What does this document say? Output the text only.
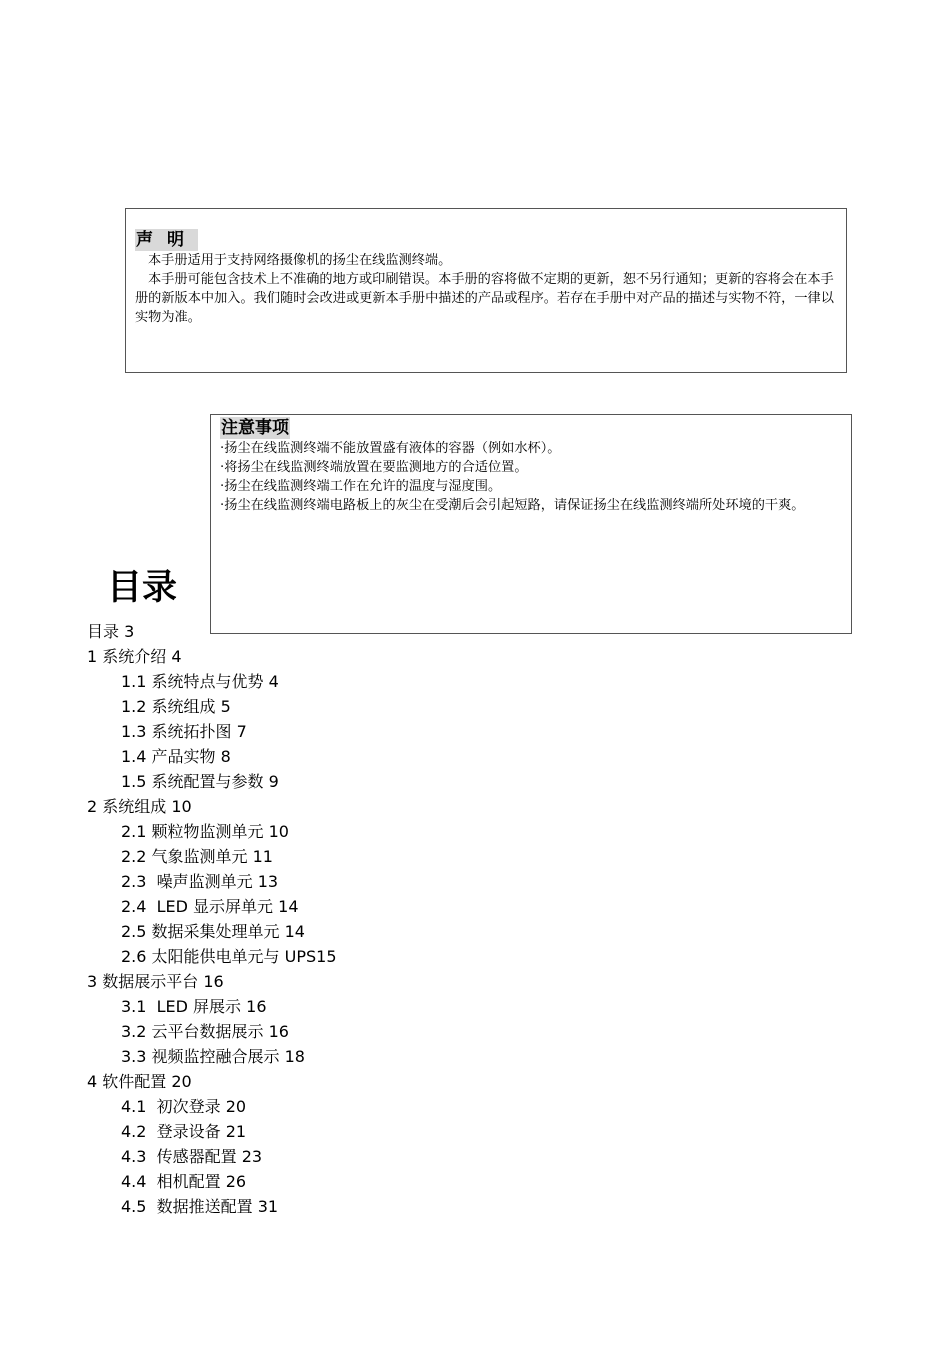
声明

本手册适用于支持网络摄像机的扬尘在线监测终端。

本手册可能包含技术上不准确的地方或印刷错误。本手册的容将做不定期的更新，恕不另行通知；更新的容将会在本手册的新版本中加入。我们随时会改进或更新本手册中描述的产品或程序。若存在手册中对产品的描述与实物不符，一律以实物为准。

注意事项

·扬尘在线监测终端不能放置盛有液体的容器（例如水杯）。

·将扬尘在线监测终端放置在要监测地方的合适位置。

·扬尘在线监测终端工作在允许的温度与湿度围。

·扬尘在线监测终端电路板上的灰尘在受潮后会引起短路，请保证扬尘在线监测终端所处环境的干爽。

目录
目录 3
1 系统介绍 4
1.1 系统特点与优势 4
1.2 系统组成 5
1.3 系统拓扑图 7
1.4 产品实物 8
1.5 系统配置与参数 9
2 系统组成 10
2.1 颗粒物监测单元 10
2.2 气象监测单元 11
2.3  噪声监测单元 13
2.4  LED 显示屏单元 14
2.5 数据采集处理单元 14
2.6 太阳能供电单元与 UPS15
3 数据展示平台 16
3.1  LED 屏展示 16
3.2 云平台数据展示 16
3.3 视频监控融合展示 18
4 软件配置 20
4.1  初次登录 20
4.2  登录设备 21
4.3  传感器配置 23
4.4  相机配置 26
4.5  数据推送配置 31
